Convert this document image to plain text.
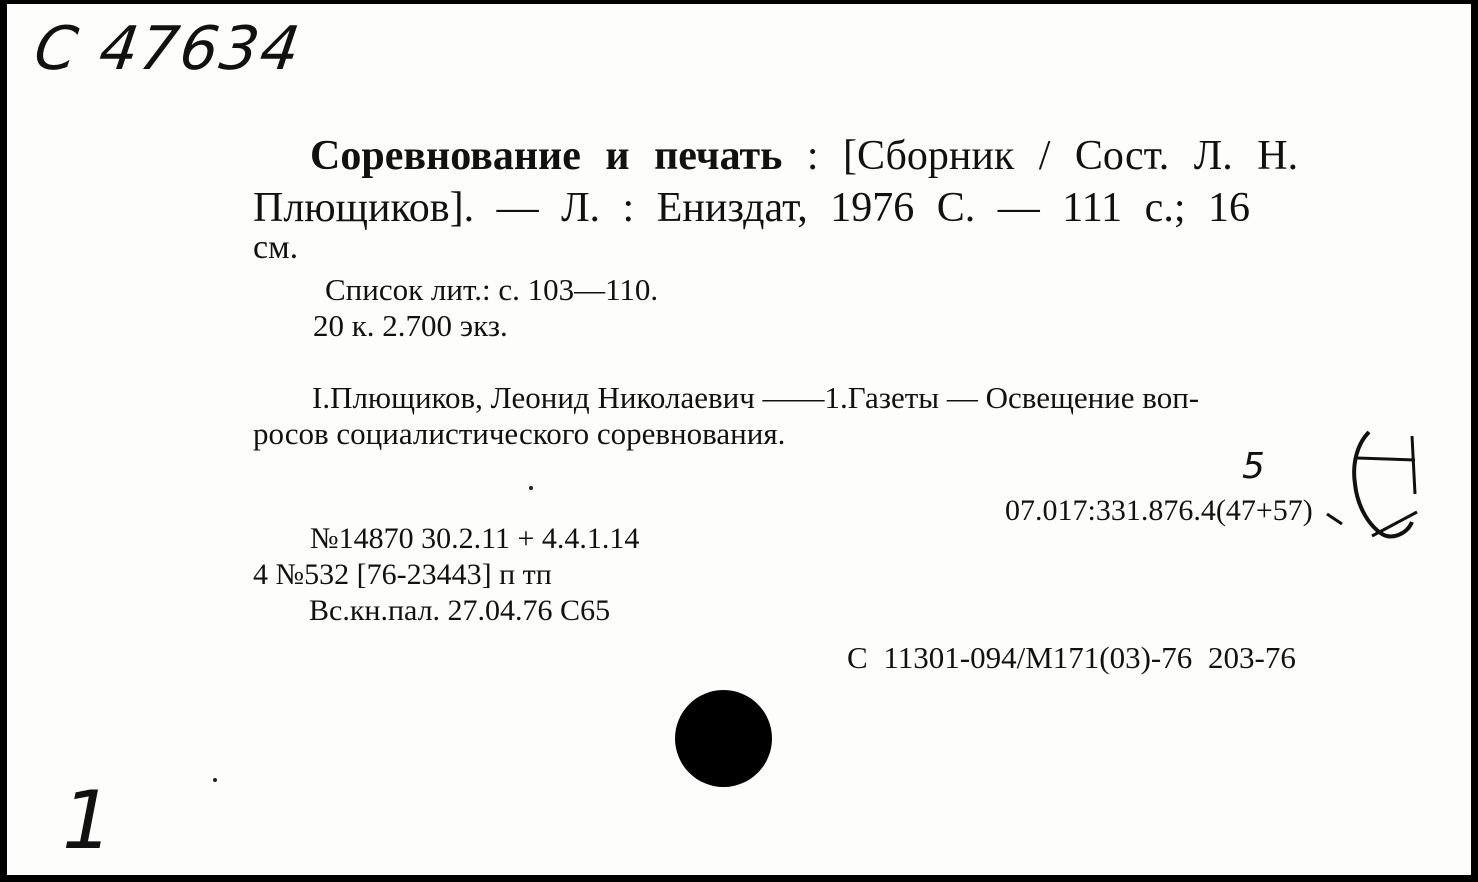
С 47634
Соревнование и печать : [Сборник / Сост. Л. Н.
Плющиков]. — Л. : Ениздат, 1976 С. — 111 с.; 16
см.
Список лит.: с. 103—110.
20 к. 2.700 экз.
I.Плющиков, Леонид Николаевич ——1.Газеты — Освещение воп-
росов социалистического соревнования.
5
07.017:331.876.4(47+57)
№14870 30.2.11 + 4.4.1.14
4 №532 [76-23443] п тп
Вс.кн.пал. 27.04.76 С65
С 11301-094/М171(03)-76 203-76
1
